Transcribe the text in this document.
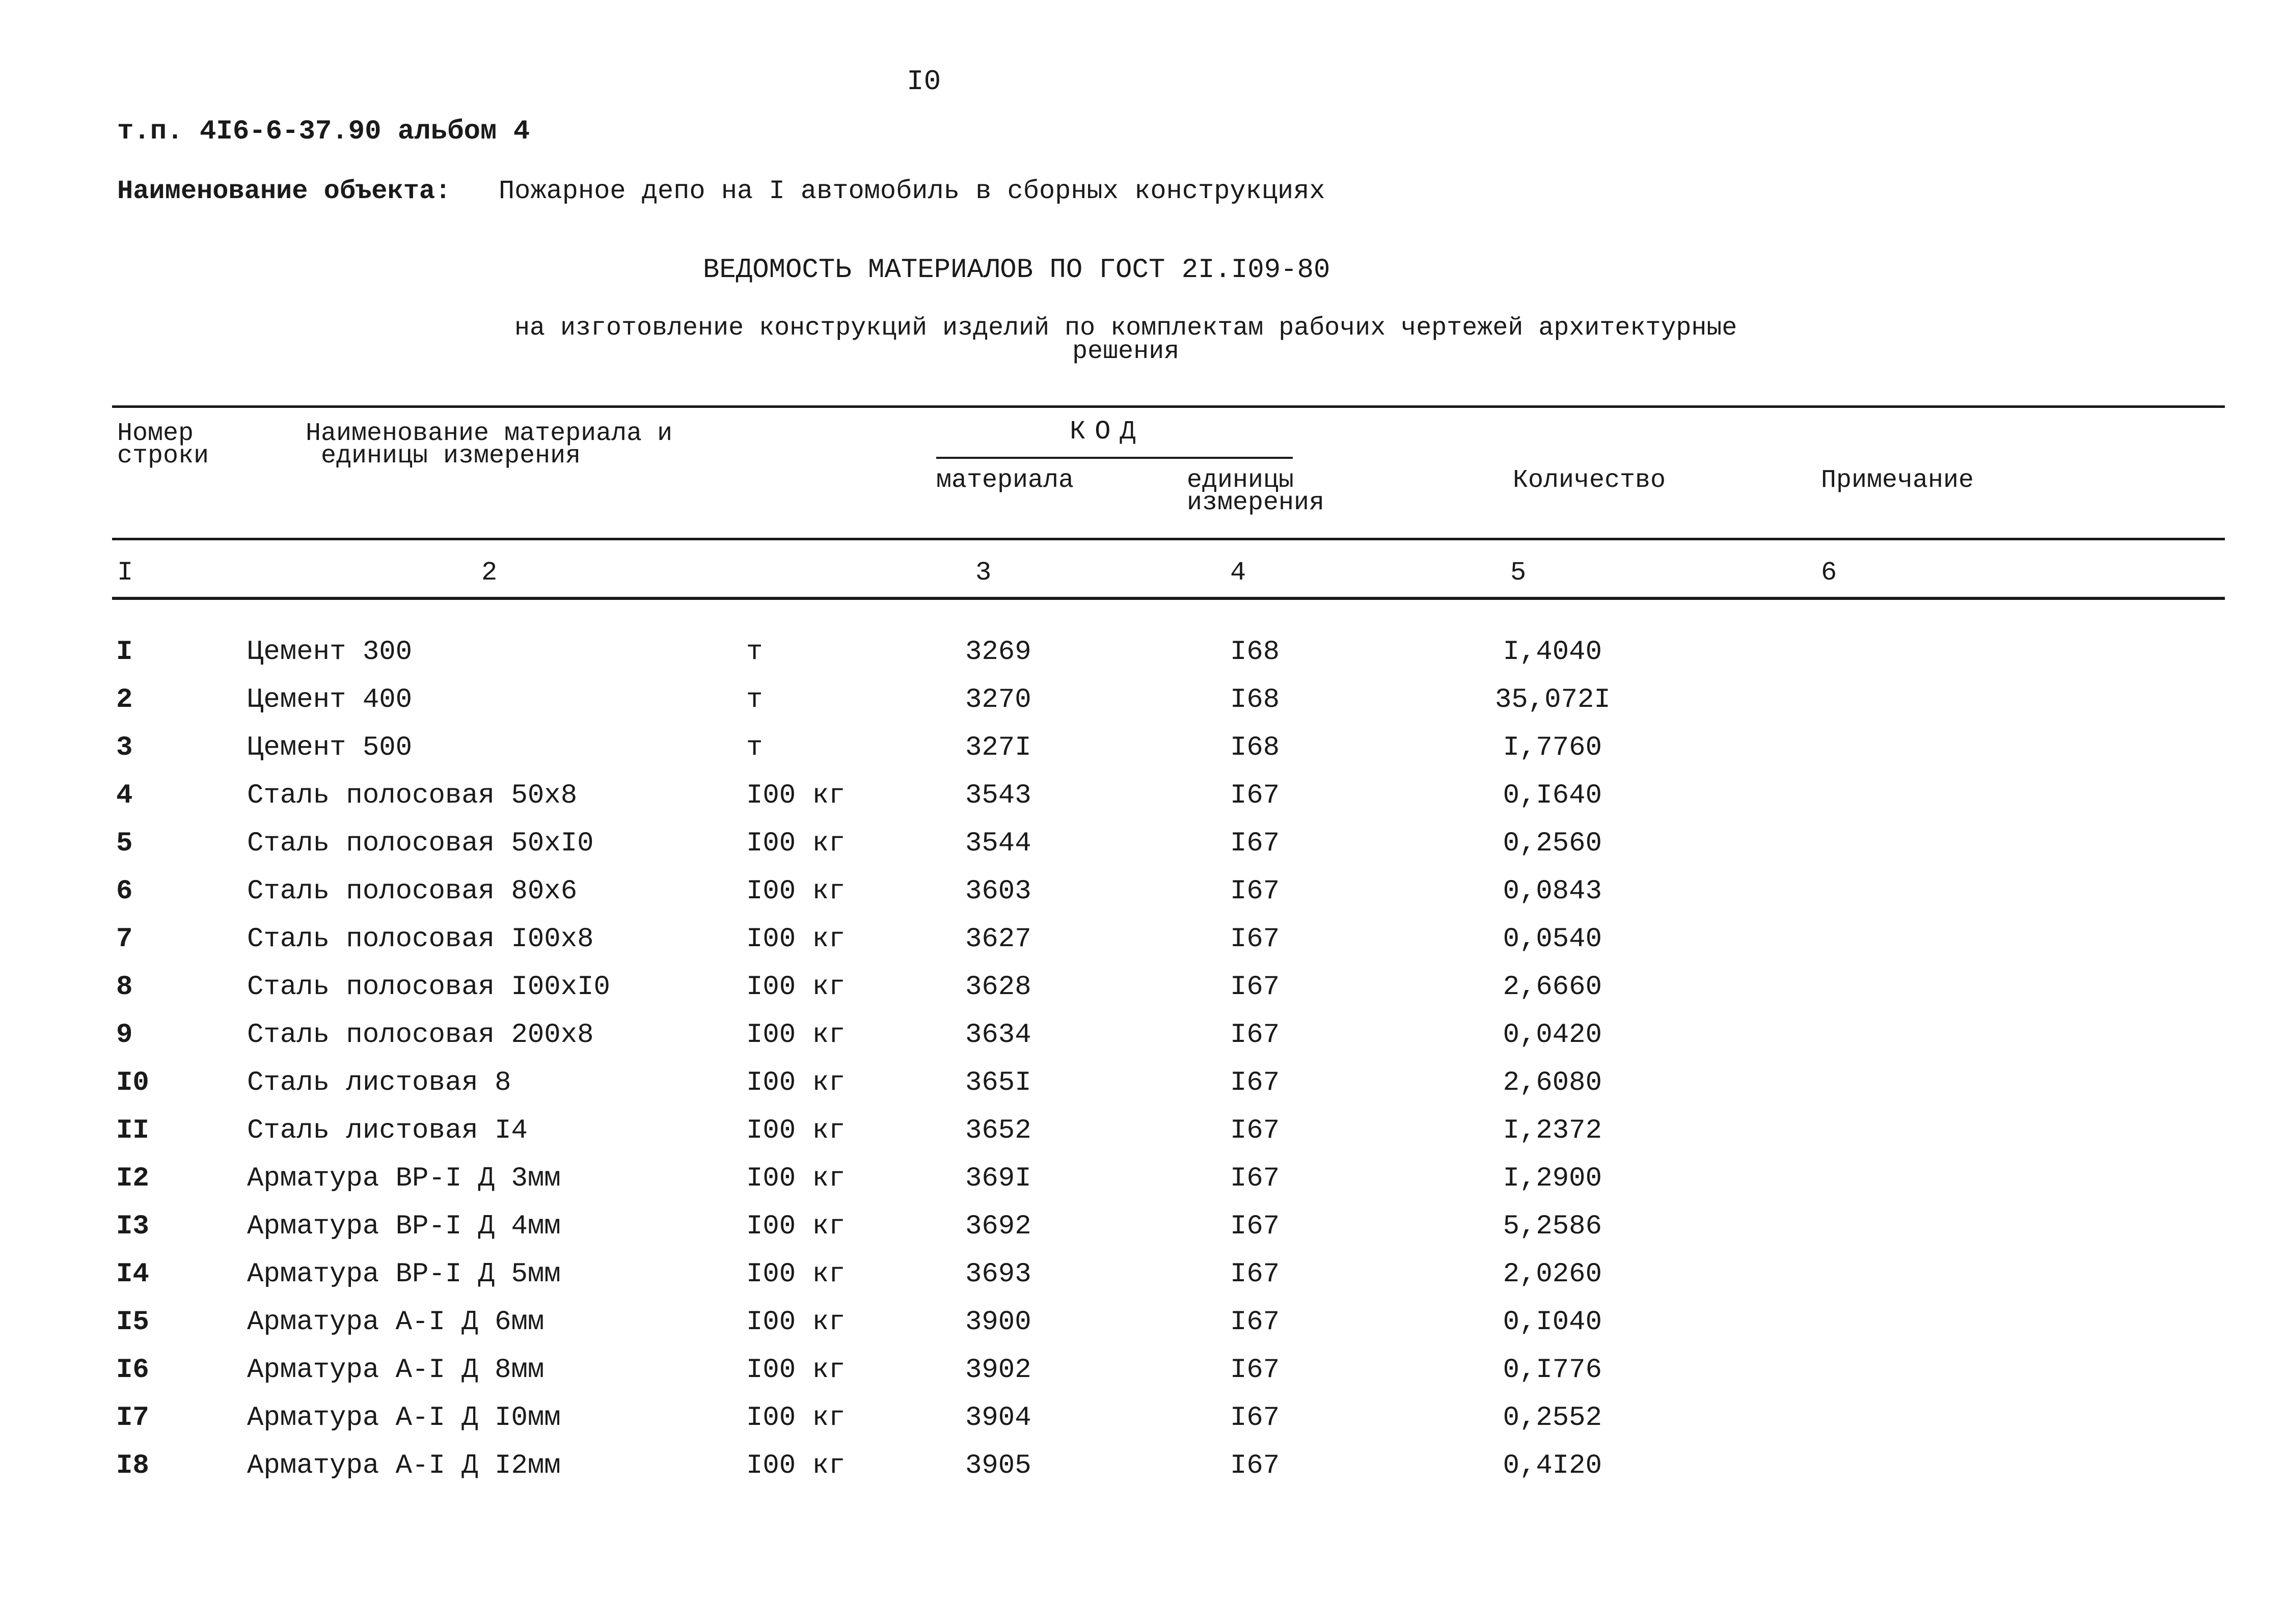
I0
т.п. 4I6-6-37.90 альбом 4
Наименование объекта: Пожарное депо на I автомобиль в сборных конструкциях
ВЕДОМОСТЬ МАТЕРИАЛОВ ПО ГОСТ 2I.I09-80
на изготовление конструкций изделий по комплектам рабочих чертежей архитектурные
решения
Номер
строки
Наименование материала и
единицы измерения
КОД
материала	единицы
измерения
Количество	Примечание
I	2	3	4	5	6
I	Цемент 300	т	3269	I68	I,4040
2	Цемент 400	т	3270	I68	35,072I
3	Цемент 500	т	327I	I68	I,7760
4	Сталь полосовая 50х8	I00 кг	3543	I67	0,I640
5	Сталь полосовая 50хI0	I00 кг	3544	I67	0,2560
6	Сталь полосовая 80х6	I00 кг	3603	I67	0,0843
7	Сталь полосовая I00х8	I00 кг	3627	I67	0,0540
8	Сталь полосовая I00хI0	I00 кг	3628	I67	2,6660
9	Сталь полосовая 200х8	I00 кг	3634	I67	0,0420
I0	Сталь листовая 8	I00 кг	365I	I67	2,6080
II	Сталь листовая I4	I00 кг	3652	I67	I,2372
I2	Арматура ВР-I Д 3мм	I00 кг	369I	I67	I,2900
I3	Арматура ВР-I Д 4мм	I00 кг	3692	I67	5,2586
I4	Арматура ВР-I Д 5мм	I00 кг	3693	I67	2,0260
I5	Арматура А-I Д 6мм	I00 кг	3900	I67	0,I040
I6	Арматура А-I Д 8мм	I00 кг	3902	I67	0,I776
I7	Арматура А-I Д I0мм	I00 кг	3904	I67	0,2552
I8	Арматура А-I Д I2мм	I00 кг	3905	I67	0,4I20
